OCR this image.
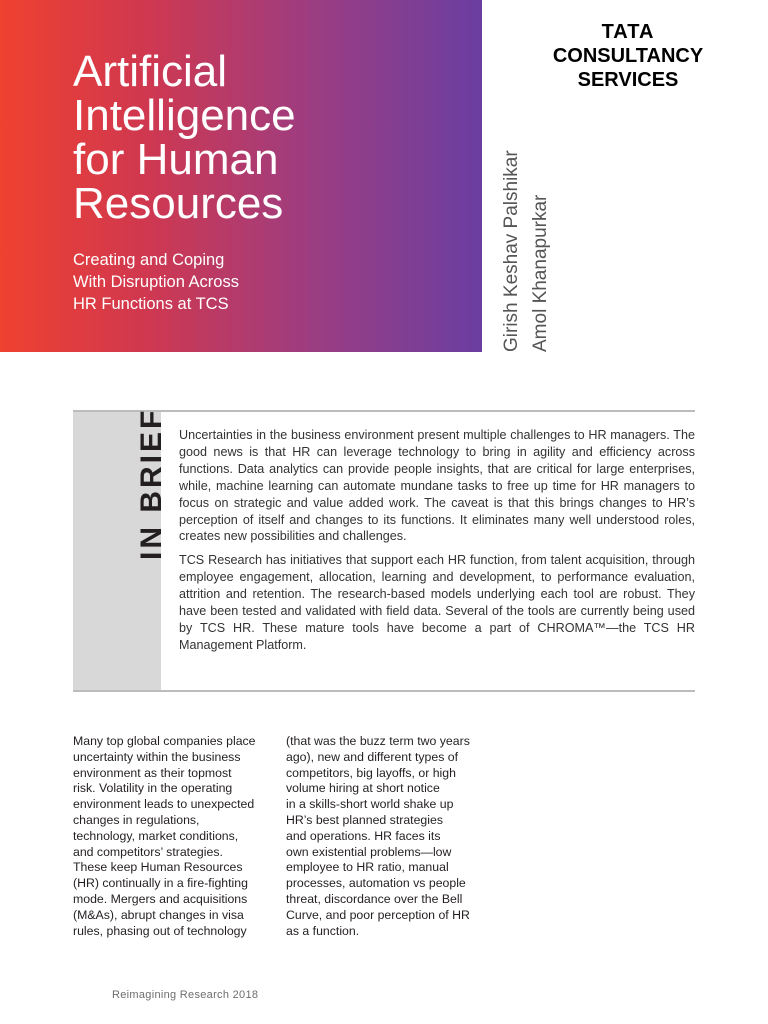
Artificial
Intelligence
for Human
Resources

Creating and Coping
With Disruption Across
HR Functions at TCS	Girish Keshav Palshikar Amol Khanapurkar
TATA
CONSULTANCY
SERVICES
IN BRIEF Uncertainties in the business environment present multiple challenges to HR managers. The good news is that HR can leverage technology to bring in agility and efficiency across functions. Data analytics can provide people insights, that are critical for large enterprises, while, machine learning can automate mundane tasks to free up time for HR managers to focus on strategic and value added work. The caveat is that this brings changes to HR’s perception of itself and changes to its functions. It eliminates many well understood roles, creates new possibilities and challenges.

TCS Research has initiatives that support each HR function, from talent acquisition, through employee engagement, allocation, learning and development, to performance evaluation, attrition and retention. The research-based models underlying each tool are robust. They have been tested and validated with field data. Several of the tools are currently being used by TCS HR. These mature tools have become a part of CHROMA™—the TCS HR Management Platform.

Many top global companies place
uncertainty within the business
environment as their topmost
risk. Volatility in the operating
environment leads to unexpected
changes in regulations,
technology, market conditions,
and competitors’ strategies.
These keep Human Resources
(HR) continually in a fire-fighting
mode. Mergers and acquisitions
(M&As), abrupt changes in visa
rules, phasing out of technology
(that was the buzz term two years
ago), new and different types of
competitors, big layoffs, or high
volume hiring at short notice
in a skills-short world shake up
HR’s best planned strategies
and operations. HR faces its
own existential problems—low
employee to HR ratio, manual
processes, automation vs people
threat, discordance over the Bell
Curve, and poor perception of HR
as a function.
Reimagining Research 2018
